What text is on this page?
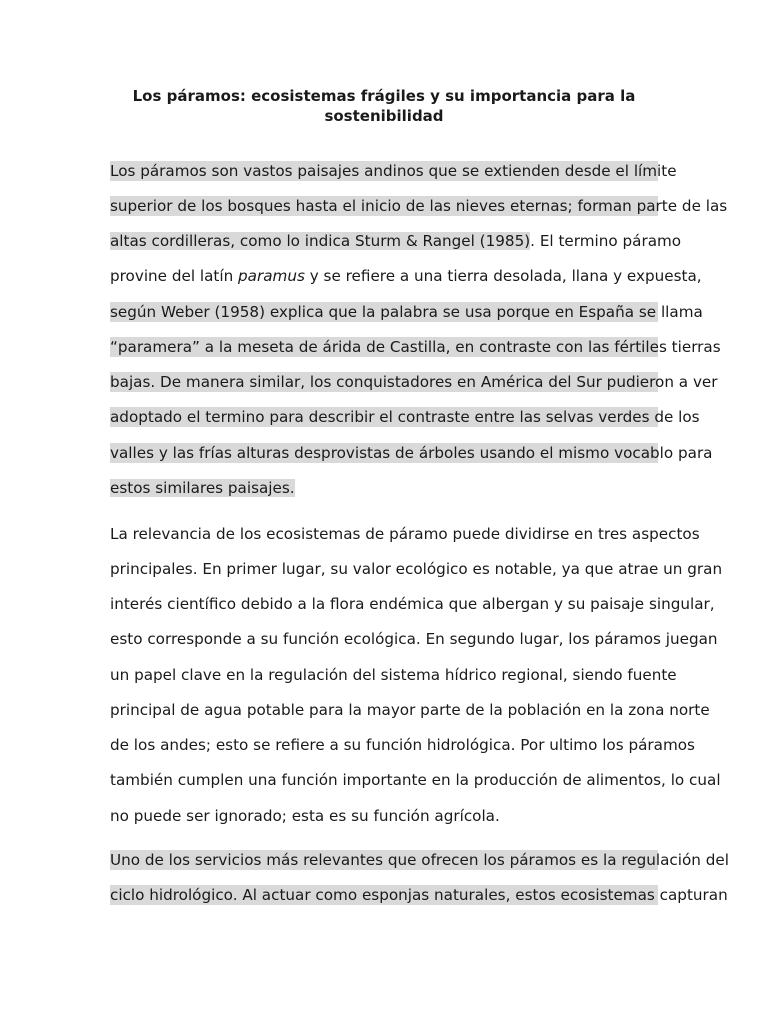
Los páramos: ecosistemas frágiles y su importancia para la
sostenibilidad
Los páramos son vastos paisajes andinos que se extienden desde el límite
superior de los bosques hasta el inicio de las nieves eternas; forman parte de las
altas cordilleras, como lo indica Sturm & Rangel (1985). El termino páramo
provine del latín paramus y se refiere a una tierra desolada, llana y expuesta,
según Weber (1958) explica que la palabra se usa porque en España se llama
“paramera” a la meseta de árida de Castilla, en contraste con las fértiles tierras
bajas. De manera similar, los conquistadores en América del Sur pudieron a ver
adoptado el termino para describir el contraste entre las selvas verdes de los
valles y las frías alturas desprovistas de árboles usando el mismo vocablo para
estos similares paisajes.
La relevancia de los ecosistemas de páramo puede dividirse en tres aspectos
principales. En primer lugar, su valor ecológico es notable, ya que atrae un gran
interés científico debido a la flora endémica que albergan y su paisaje singular,
esto corresponde a su función ecológica. En segundo lugar, los páramos juegan
un papel clave en la regulación del sistema hídrico regional, siendo fuente
principal de agua potable para la mayor parte de la población en la zona norte
de los andes; esto se refiere a su función hidrológica. Por ultimo los páramos
también cumplen una función importante en la producción de alimentos, lo cual
no puede ser ignorado; esta es su función agrícola.
Uno de los servicios más relevantes que ofrecen los páramos es la regulación del
ciclo hidrológico. Al actuar como esponjas naturales, estos ecosistemas capturan
